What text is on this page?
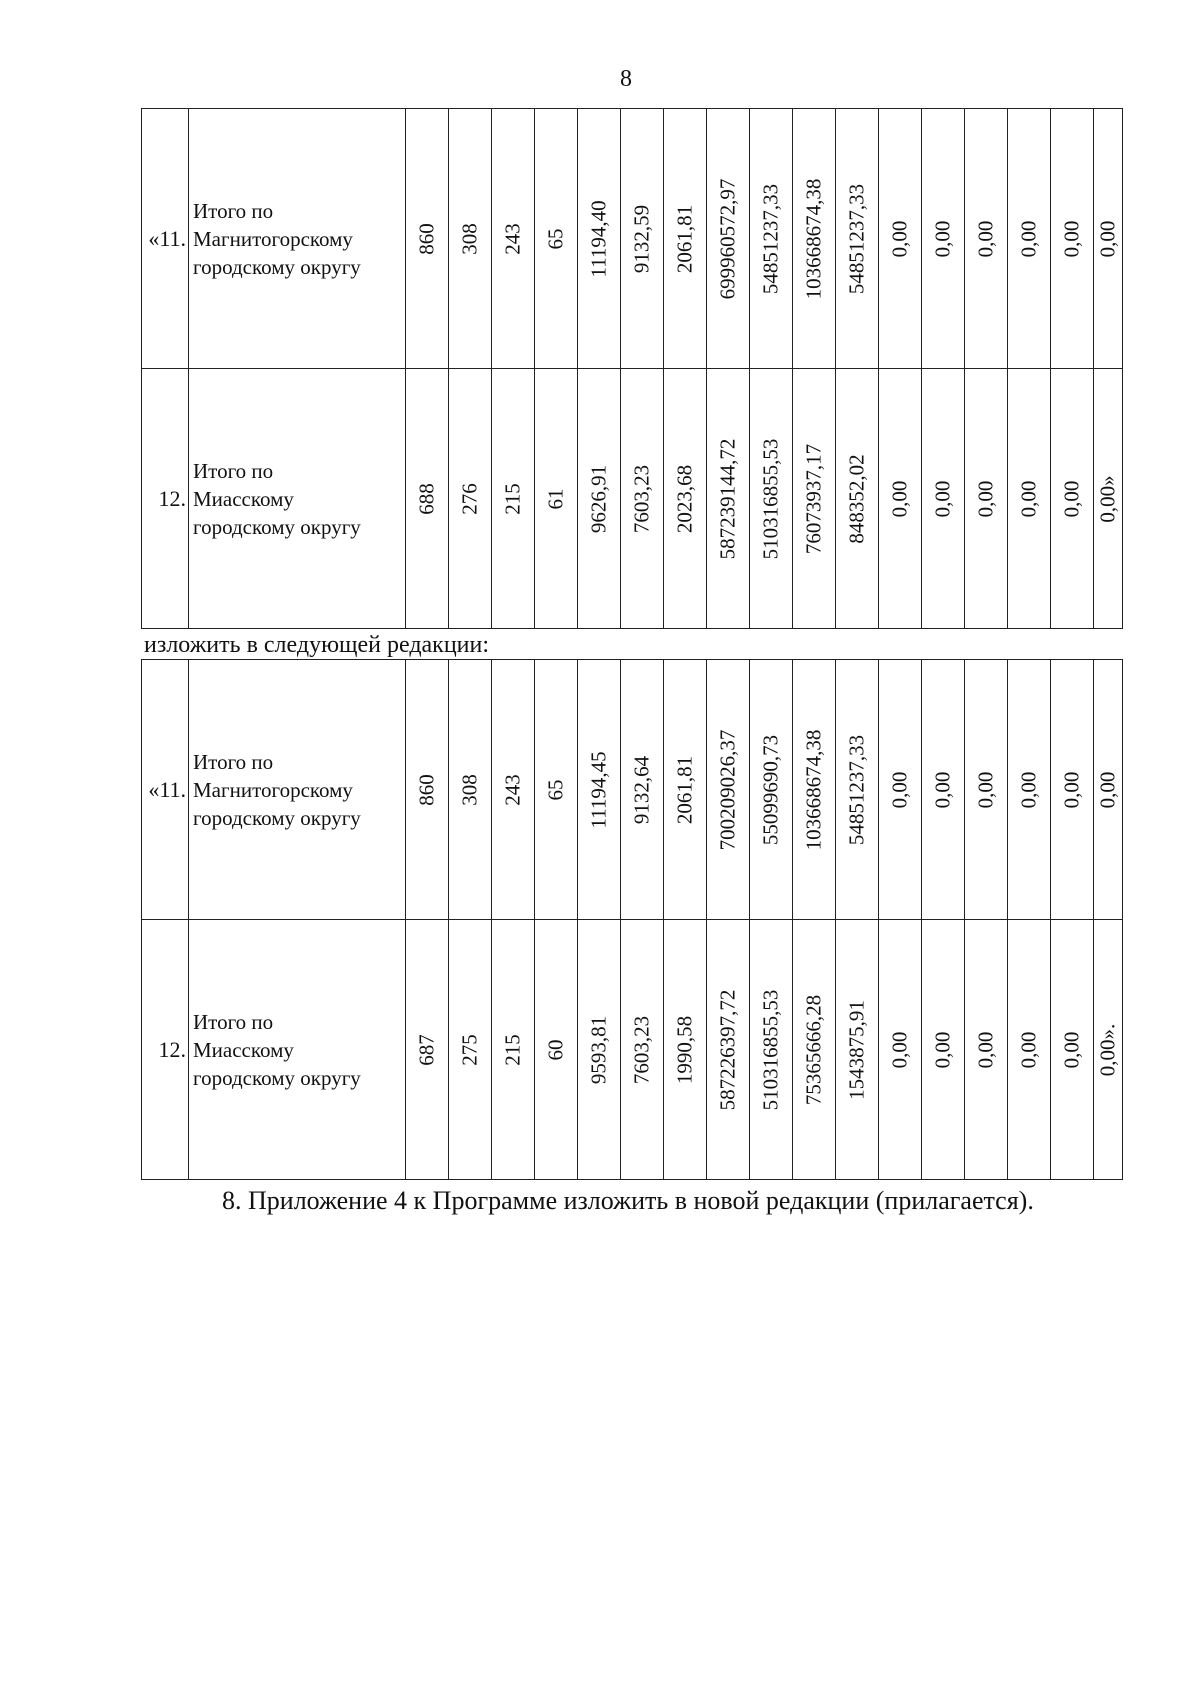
8
«11.	Итого по
Магнитогорскому
городскому округу	860	308	243	65	11194,40	9132,59	2061,81	699960572,97	54851237,33	103668674,38	54851237,33	0,00	0,00	0,00	0,00	0,00	0,00

12.	Итого по
Миасскому
городскому округу	688	276	215	61	9626,91	7603,23	2023,68	587239144,72	510316855,53	76073937,17	848352,02	0,00	0,00	0,00	0,00	0,00	0,00»
изложить в следующей редакции:
«11.	Итого по
Магнитогорскому
городскому округу	860	308	243	65	11194,45	9132,64	2061,81	700209026,37	55099690,73	103668674,38	54851237,33	0,00	0,00	0,00	0,00	0,00	0,00

12.	Итого по
Миасскому
городскому округу	687	275	215	60	9593,81	7603,23	1990,58	587226397,72	510316855,53	75365666,28	1543875,91	0,00	0,00	0,00	0,00	0,00	0,00».
8. Приложение 4 к Программе изложить в новой редакции (прилагается).
